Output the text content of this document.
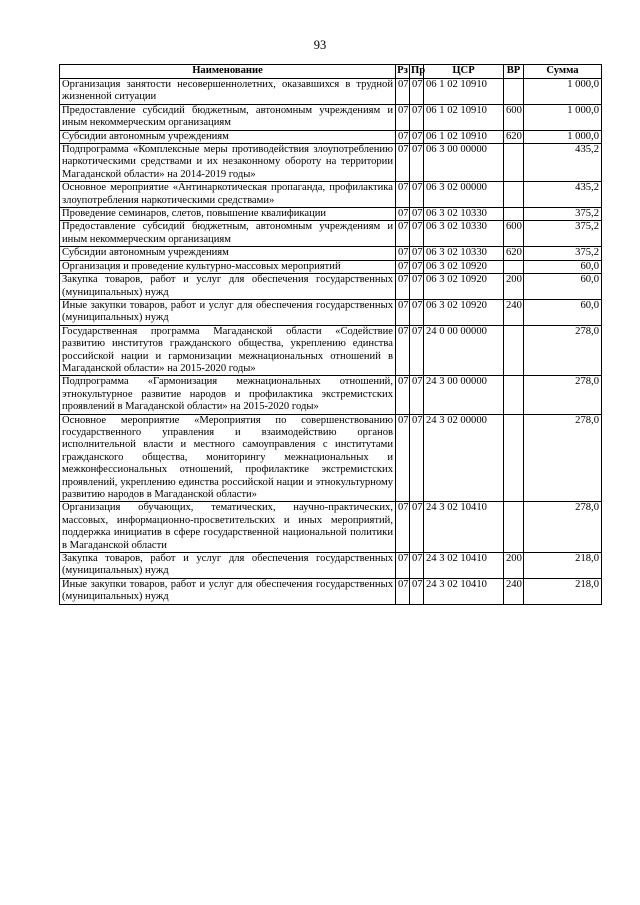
93
Наименование	Рз	Пр	ЦСР	ВР	Сумма
Организация занятости несовершеннолетних, оказавшихся в трудной жизненной ситуации	07	07	06 1 02 10910		1 000,0
Предоставление субсидий бюджетным, автономным учреждениям и иным некоммерческим организациям	07	07	06 1 02 10910	600	1 000,0
Субсидии автономным учреждениям	07	07	06 1 02 10910	620	1 000,0
Подпрограмма «Комплексные меры противодействия злоупотреблению наркотическими средствами и их незаконному обороту на территории Магаданской области» на 2014-2019 годы»	07	07	06 3 00 00000		435,2
Основное мероприятие «Антинаркотическая пропаганда, профилактика злоупотребления наркотическими средствами»	07	07	06 3 02 00000		435,2
Проведение семинаров, слетов, повышение квалификации	07	07	06 3 02 10330		375,2
Предоставление субсидий бюджетным, автономным учреждениям и иным некоммерческим организациям	07	07	06 3 02 10330	600	375,2
Субсидии автономным учреждениям	07	07	06 3 02 10330	620	375,2
Организация и проведение культурно-массовых мероприятий	07	07	06 3 02 10920		60,0
Закупка товаров, работ и услуг для обеспечения государственных (муниципальных) нужд	07	07	06 3 02 10920	200	60,0
Иные закупки товаров, работ и услуг для обеспечения государственных (муниципальных) нужд	07	07	06 3 02 10920	240	60,0
Государственная программа Магаданской области «Содействие развитию институтов гражданского общества, укреплению единства российской нации и гармонизации межнациональных отношений в Магаданской области» на 2015-2020 годы»	07	07	24 0 00 00000		278,0
Подпрограмма «Гармонизация межнациональных отношений, этнокультурное развитие народов и профилактика экстремистских проявлений в Магаданской области» на 2015-2020 годы»	07	07	24 3 00 00000		278,0
Основное мероприятие «Мероприятия по совершенствованию государственного управления и взаимодействию органов исполнительной власти и местного самоуправления с институтами гражданского общества, мониторингу межнациональных и межконфессиональных отношений, профилактике экстремистских проявлений, укреплению единства российской нации и этнокультурному развитию народов в Магаданской области»	07	07	24 3 02 00000		278,0
Организация обучающих, тематических, научно-практических, массовых, информационно-просветительских и иных мероприятий, поддержка инициатив в сфере государственной национальной политики в Магаданской области	07	07	24 3 02 10410		278,0
Закупка товаров, работ и услуг для обеспечения государственных (муниципальных) нужд	07	07	24 3 02 10410	200	218,0
Иные закупки товаров, работ и услуг для обеспечения государственных (муниципальных) нужд	07	07	24 3 02 10410	240	218,0
